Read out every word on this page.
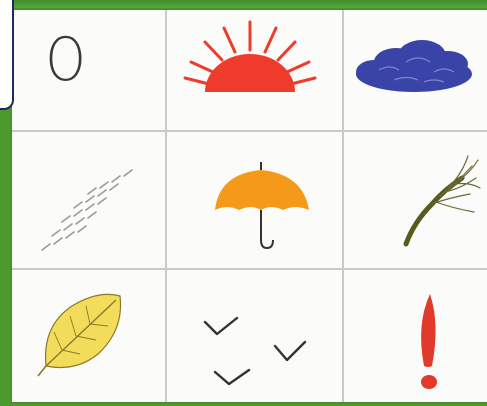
O
